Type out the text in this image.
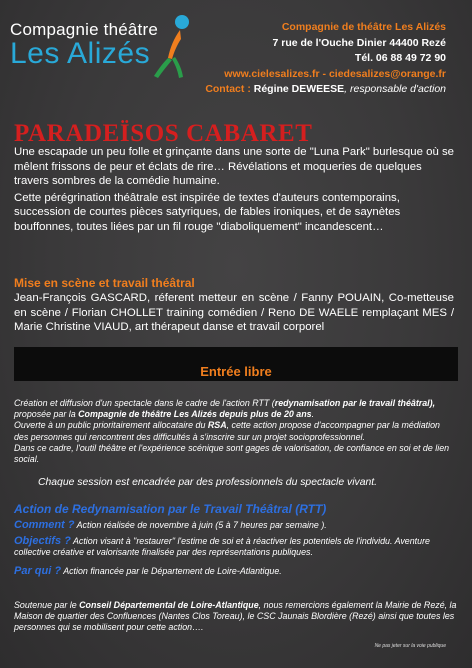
Compagnie théâtre
Les Alizés
Compagnie de théâtre Les Alizés
7 rue de l'Ouche Dinier 44400 Rezé
Tél. 06 88 49 72 90
www.cielesalizes.fr - ciedesalizes@orange.fr
Contact : Régine DEWEESE, responsable d'action
PARADEÏSOS CABARET

Une escapade un peu folle et grinçante dans une sorte de "Luna Park" burlesque où se mêlent frissons de peur et éclats de rire… Révélations et moqueries de quelques travers sombres de la comédie humaine.

Cette pérégrination théâtrale est inspirée de textes d'auteurs contemporains, succession de courtes pièces satyriques, de fables ironiques, et de saynètes bouffonnes, toutes liées par un fil rouge "diaboliquement" incandescent…

Mise en scène et travail théâtral
Jean-François GASCARD, réferent metteur en scène / Fanny POUAIN, Co-metteuse en scène / Florian CHOLLET training comédien / Reno DE WAELE remplaçant MES / Marie Christine VIAUD, art thérapeut danse et travail corporel
Entrée libre
Création et diffusion d'un spectacle dans le cadre de l'action RTT (redynamisation par le travail théâtral), proposée par la Compagnie de théâtre Les Alizés depuis plus de 20 ans.
Ouverte à un public prioritairement allocataire du RSA, cette action propose d'accompagner par la médiation des personnes qui rencontrent des difficultés à s'inscrire sur un projet socioprofessionnel.
Dans ce cadre, l'outil théâtre et l'expérience scénique sont gages de valorisation, de confiance en soi et de lien social.
Chaque session est encadrée par des professionnels du spectacle vivant.
Action de Redynamisation par le Travail Théâtral (RTT)
Comment ? Action réalisée de novembre à juin (5 à 7 heures par semaine ).
Objectifs ? Action visant à "restaurer" l'estime de soi et à réactiver les potentiels de l'individu. Aventure collective créative et valorisante finalisée par des représentations publiques.
Par qui ? Action financée par le Département de Loire-Atlantique.
Soutenue par le Conseil Départemental de Loire-Atlantique, nous remercions également la Mairie de Rezé, la Maison de quartier des Confluences (Nantes Clos Toreau), le CSC Jaunais Blordière (Rezé) ainsi que toutes les personnes qui se mobilisent pour cette action….
Ne pas jeter sur la voie publique
